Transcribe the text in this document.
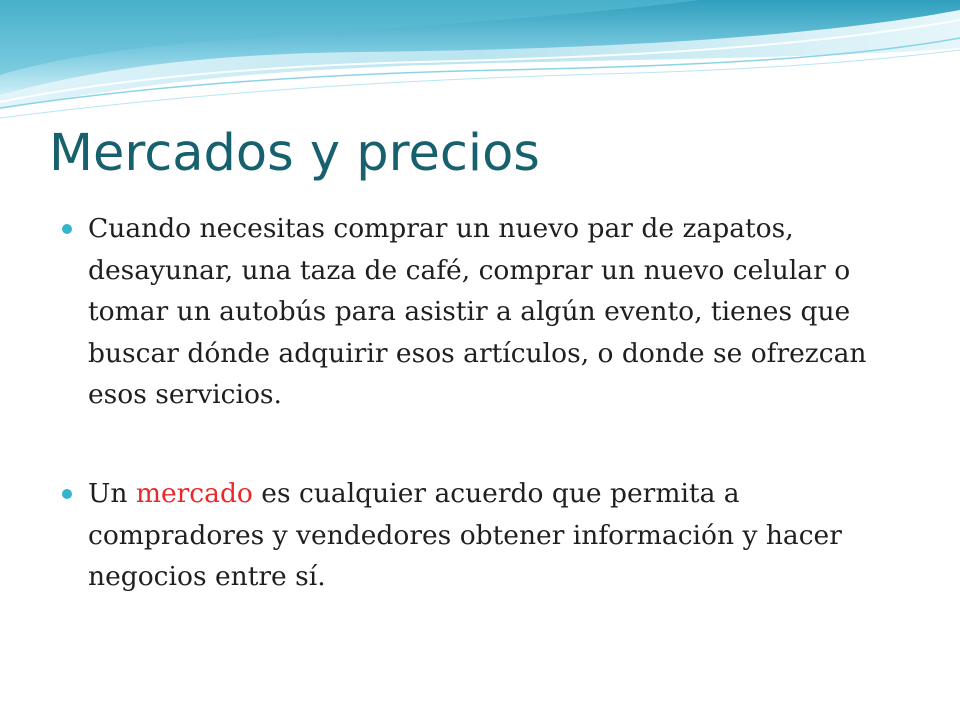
Mercados y precios

Cuando necesitas comprar un nuevo par de zapatos, desayunar, una taza de café, comprar un nuevo celular o tomar un autobús para asistir a algún evento, tienes que buscar dónde adquirir esos artículos, o donde se ofrezcan esos servicios.

Un mercado es cualquier acuerdo que permita a compradores y vendedores obtener información y hacer negocios entre sí.
